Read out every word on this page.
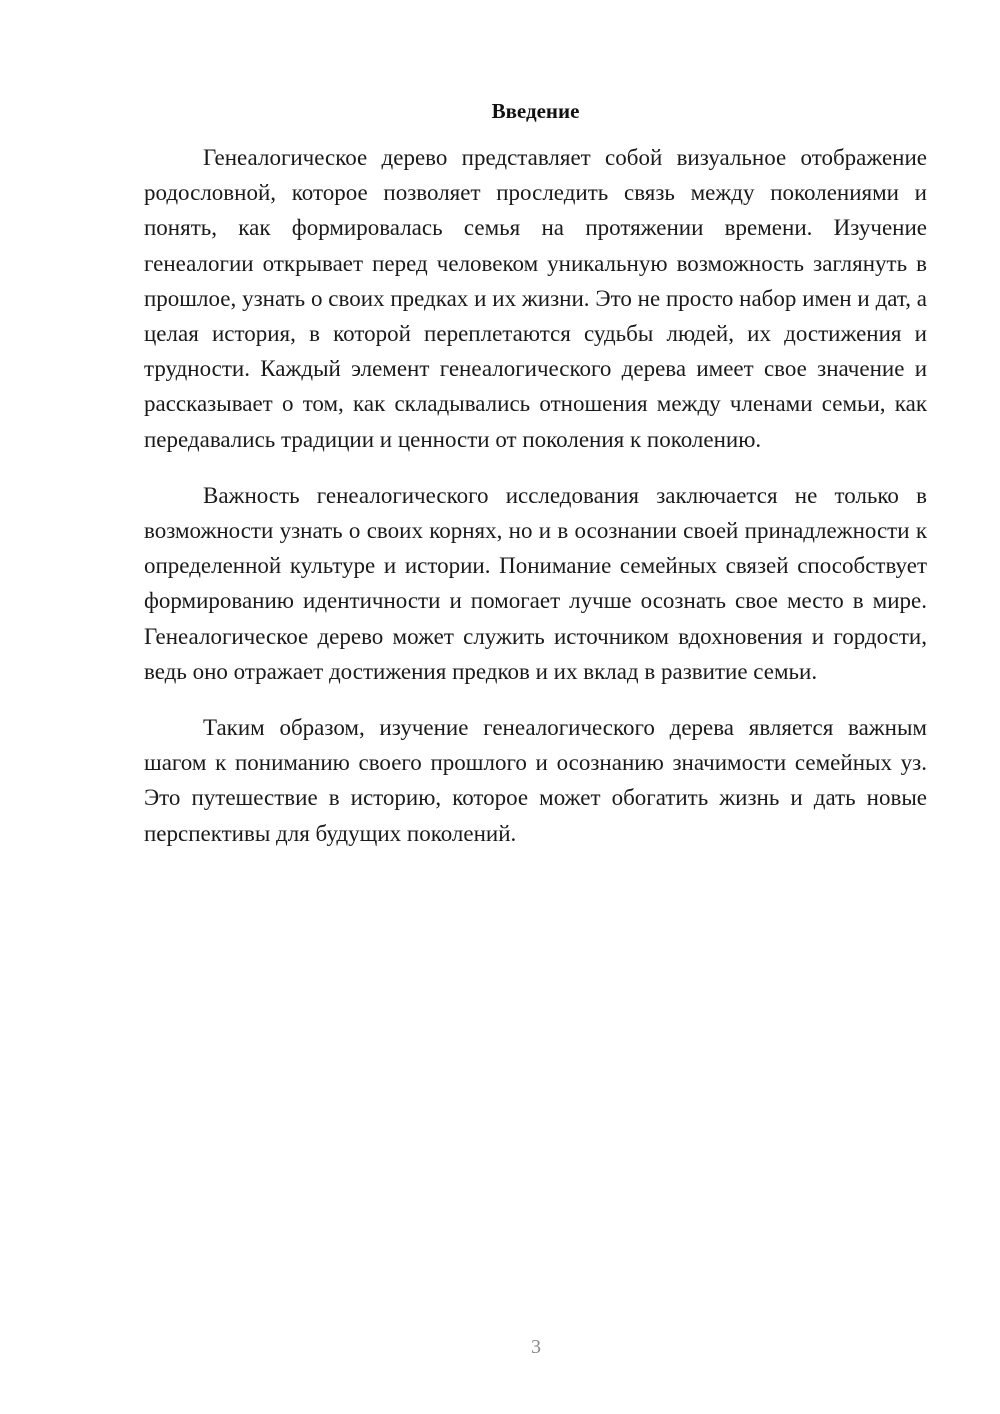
Введение

Генеалогическое дерево представляет собой визуальное отображение родословной, которое позволяет проследить связь между поколениями и понять, как формировалась семья на протяжении времени. Изучение генеалогии открывает перед человеком уникальную возможность заглянуть в прошлое, узнать о своих предках и их жизни. Это не просто набор имен и дат, а целая история, в которой переплетаются судьбы людей, их достижения и трудности. Каждый элемент генеалогического дерева имеет свое значение и рассказывает о том, как складывались отношения между членами семьи, как передавались традиции и ценности от поколения к поколению.

Важность генеалогического исследования заключается не только в возможности узнать о своих корнях, но и в осознании своей принадлежности к определенной культуре и истории. Понимание семейных связей способствует формированию идентичности и помогает лучше осознать свое место в мире. Генеалогическое дерево может служить источником вдохновения и гордости, ведь оно отражает достижения предков и их вклад в развитие семьи.

Таким образом, изучение генеалогического дерева является важным шагом к пониманию своего прошлого и осознанию значимости семейных уз. Это путешествие в историю, которое может обогатить жизнь и дать новые перспективы для будущих поколений.

3
